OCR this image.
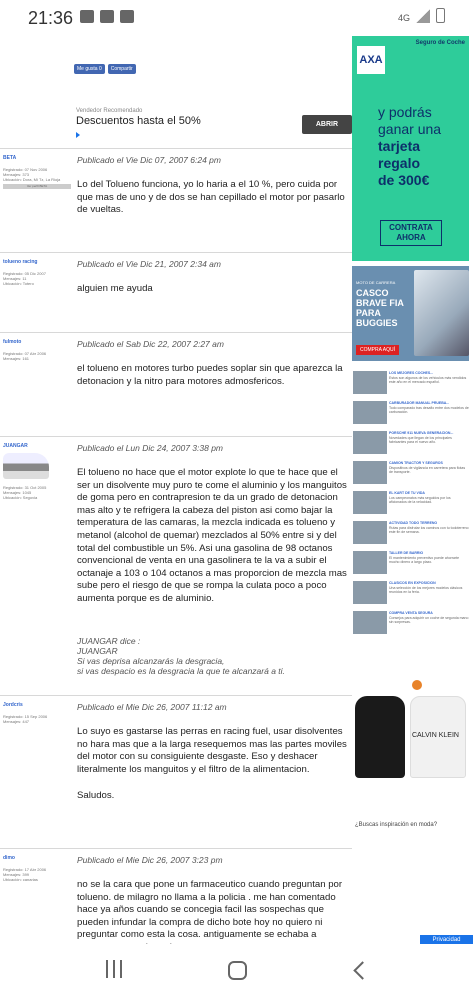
21:36	4G
Me gusta 0	Compartir
Vendedor Recomendado
Descuentos hasta el 50%	ABRIR
BETA
Registrado: 07 Nov 2006
Mensajes: 373
Ubicación: Dora, Mi Tz, La Rioja
Ver perfil BETA
Publicado el Vie Dic 07, 2007 6:24 pm
Lo del Tolueno funciona, yo lo haria a el 10 %, pero cuida por que mas de uno y de dos se han cepillado el motor por pasarlo de vueltas.
tolueno racing
Registrado: 05 Dic 2007
Mensajes: 11
Ubicación: Totero
Publicado el Vie Dic 21, 2007 2:34 am
alguien me ayuda
fulmoto
Registrado: 07 Abr 2006
Mensajes: 161
Publicado el Sab Dic 22, 2007 2:27 am
el tolueno en motores turbo puedes soplar sin que aparezca la detonacion y la nitro para motores admosfericos.
JUANGAR
Registrado: 31 Oct 2005
Mensajes: 1045
Ubicación: Segovia
Publicado el Lun Dic 24, 2007 3:38 pm
El tolueno no hace que el motor explote lo que te hace que el ser un disolvente muy puro te come el aluminio y los manguitos de goma pero en contrapresion te da un grado de detonacion mas alto y te refrigera la cabeza del piston asi como bajar la temperatura de las camaras, la mezcla indicada es tolueno y metanol (alcohol de quemar) mezclados al 50% entre si y del total del combustible un 5%. Asi una gasolina de 98 octanos convencional de venta en una gasolinera te la va a subir el octanaje a 103 o 104 octanos a mas proporcion de mezcla mas sube pero el riesgo de que se rompa la culata poco a poco aumenta porque es de aluminio.
JUANGAR dice :
JUANGAR
Si vas deprisa alcanzarás la desgracia,
si vas despacio es la desgracia la que te alcanzará a ti.
Jordcris
Registrado: 15 Sep 2006
Mensajes: 447
Publicado el Mie Dic 26, 2007 11:12 am
Lo suyo es gastarse las perras en racing fuel, usar disolventes no hara mas que a la larga resequemos mas las partes moviles del motor con su consiguiente desgaste. Eso y deshacer literalmente los manguitos y el filtro de la alimentacion.
Saludos.
dimo
Registrado: 17 Abr 2006
Mensajes: 399
Ubicación: canarias
Publicado el Mie Dic 26, 2007 3:23 pm
no se la cara que pone un farmaceutico cuando preguntan por tolueno. de milagro no llama a la policia . me han comentado hace ya años cuando se concegia facil las sospechas que pueden infundar la compra de dicho bote hoy no quiero ni preguntar como esta la cosa. antiguamente se echaba a
Seguro de Coche
AXA
y podrás
ganar una
tarjeta
regalo
de 300€
CONTRATA
AHORA
MOTO DE CARRERA
CASCO BRAVE FIA PARA BUGGIES
COMPRA AQUÍ
LOS MEJORES COCHES...
Estos son algunos de los vehículos más vendidos este año en el mercado español.
CARBURADOR MANUAL PRUEBA...
Todo comparado tras desafio entre dos modelos de carburación.
PORSCHE 911 NUEVA GENERACION...
Novedades que llegan de los principales fabricantes para el nuevo año.
CAMION TRACTOR Y SEGUROS
Dispositivos de vigilancia en carretera para flotas de transporte.
EL KART DE TU VIDA
Los campeonatos más seguidos por los aficionados de la velocidad.
ACTIVIDAD TODO TERRENO
Rutas para disfrutar los caminos con tu todoterreno este fin de semana.
TALLER DE BARRIO
El mantenimiento preventivo puede ahorrarte mucho dinero a largo plazo.
CLASICOS EN EXPOSICION
Una selección de los mejores modelos clásicos reunidos en la feria.
COMPRA VENTA SEGURA
Consejos para adquirir un coche de segunda mano sin sorpresas.
CALVIN KLEIN
¿Buscas inspiración en moda?
Privacidad
